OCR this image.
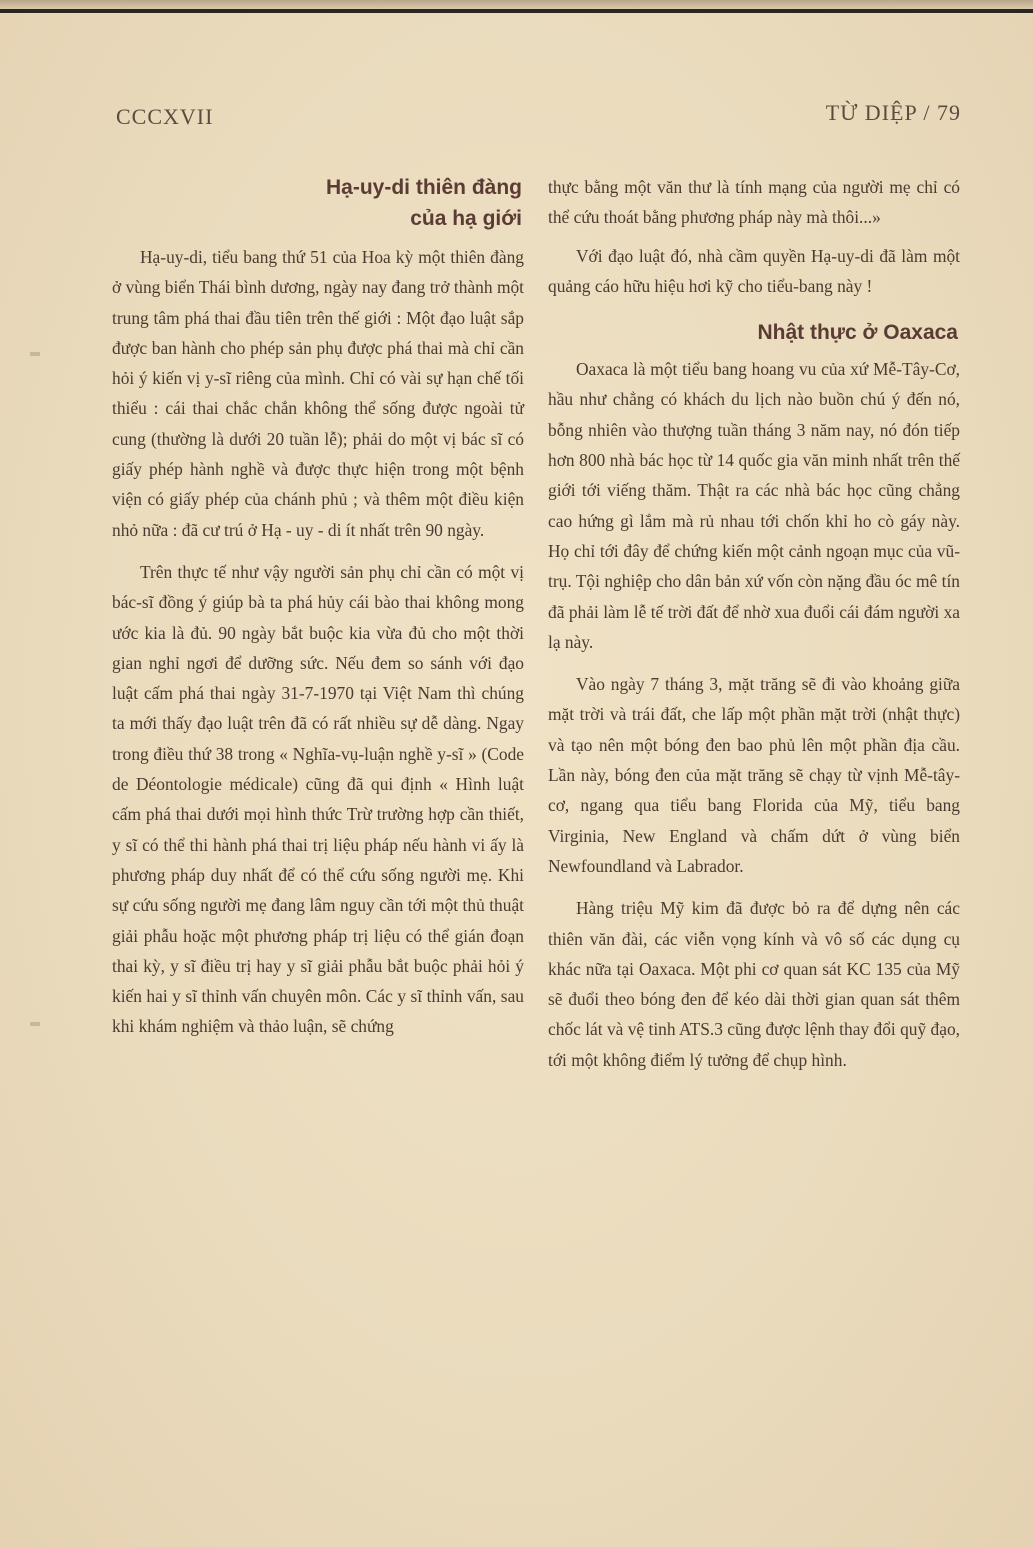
CCCXVII	TỪ DIỆP / 79
Hạ-uy-di thiên đàng
của hạ giới

Hạ-uy-di, tiểu bang thứ 51 của Hoa kỳ một thiên đàng ở vùng biển Thái bình dương, ngày nay đang trở thành một trung tâm phá thai đầu tiên trên thế giới : Một đạo luật sắp được ban hành cho phép sản phụ được phá thai mà chỉ cần hỏi ý kiến vị y-sĩ riêng của mình. Chỉ có vài sự hạn chế tối thiểu : cái thai chắc chắn không thể sống được ngoài tử cung (thường là dưới 20 tuần lễ); phải do một vị bác sĩ có giấy phép hành nghề và được thực hiện trong một bệnh viện có giấy phép của chánh phủ ; và thêm một điều kiện nhỏ nữa : đã cư trú ở Hạ - uy - di ít nhất trên 90 ngày.

Trên thực tế như vậy người sản phụ chỉ cần có một vị bác-sĩ đồng ý giúp bà ta phá hủy cái bào thai không mong ước kia là đủ. 90 ngày bắt buộc kia vừa đủ cho một thời gian nghỉ ngơi để dưỡng sức. Nếu đem so sánh với đạo luật cấm phá thai ngày 31-7-1970 tại Việt Nam thì chúng ta mới thấy đạo luật trên đã có rất nhiều sự dễ dàng. Ngay trong điều thứ 38 trong « Nghĩa-vụ-luận nghề y-sĩ » (Code de Déontologie médicale) cũng đã qui định « Hình luật cấm phá thai dưới mọi hình thức Trừ trường hợp cần thiết, y sĩ có thể thi hành phá thai trị liệu pháp nếu hành vi ấy là phương pháp duy nhất để có thể cứu sống người mẹ. Khi sự cứu sống người mẹ đang lâm nguy cần tới một thủ thuật giải phẫu hoặc một phương pháp trị liệu có thể gián đoạn thai kỳ, y sĩ điều trị hay y sĩ giải phẫu bắt buộc phải hỏi ý kiến hai y sĩ thỉnh vấn chuyên môn. Các y sĩ thỉnh vấn, sau khi khám nghiệm và thảo luận, sẽ chứng

thực bằng một văn thư là tính mạng của người mẹ chỉ có thể cứu thoát bằng phương pháp này mà thôi...»

Với đạo luật đó, nhà cầm quyền Hạ-uy-di đã làm một quảng cáo hữu hiệu hơi kỹ cho tiểu-bang này !

Nhật thực ở Oaxaca

Oaxaca là một tiểu bang hoang vu của xứ Mễ-Tây-Cơ, hầu như chẳng có khách du lịch nào buồn chú ý đến nó, bỗng nhiên vào thượng tuần tháng 3 năm nay, nó đón tiếp hơn 800 nhà bác học từ 14 quốc gia văn minh nhất trên thế giới tới viếng thăm. Thật ra các nhà bác học cũng chẳng cao hứng gì lắm mà rủ nhau tới chốn khỉ ho cò gáy này. Họ chỉ tới đây để chứng kiến một cảnh ngoạn mục của vũ-trụ. Tội nghiệp cho dân bản xứ vốn còn nặng đầu óc mê tín đã phải làm lễ tế trời đất để nhờ xua đuổi cái đám người xa lạ này.

Vào ngày 7 tháng 3, mặt trăng sẽ đi vào khoảng giữa mặt trời và trái đất, che lấp một phần mặt trời (nhật thực) và tạo nên một bóng đen bao phủ lên một phần địa cầu. Lần này, bóng đen của mặt trăng sẽ chạy từ vịnh Mễ-tây-cơ, ngang qua tiểu bang Florida của Mỹ, tiểu bang Virginia, New England và chấm dứt ở vùng biển Newfoundland và Labrador.

Hàng triệu Mỹ kim đã được bỏ ra để dựng nên các thiên văn đài, các viễn vọng kính và vô số các dụng cụ khác nữa tại Oaxaca. Một phi cơ quan sát KC 135 của Mỹ sẽ đuổi theo bóng đen để kéo dài thời gian quan sát thêm chốc lát và vệ tinh ATS.3 cũng được lệnh thay đổi quỹ đạo, tới một không điểm lý tưởng để chụp hình.
